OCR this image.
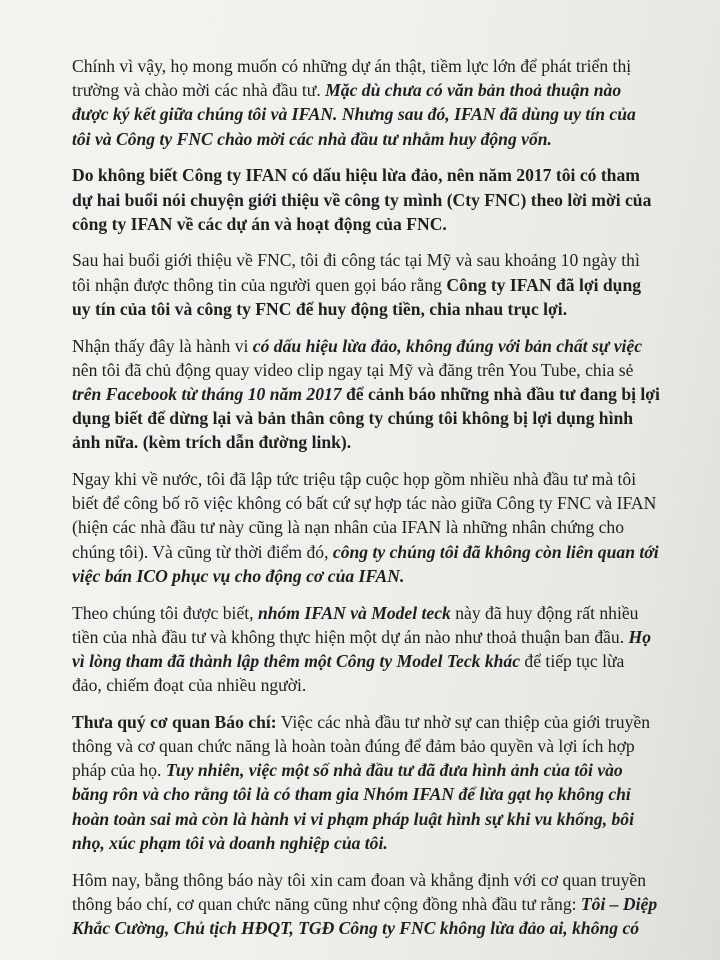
Chính vì vậy, họ mong muốn có những dự án thật, tiềm lực lớn để phát triển thị
trường và chào mời các nhà đầu tư. Mặc dù chưa có văn bản thoả thuận nào
được ký kết giữa chúng tôi và IFAN. Nhưng sau đó, IFAN đã dùng uy tín của
tôi và Công ty FNC chào mời các nhà đầu tư nhằm huy động vốn.

Do không biết Công ty IFAN có dấu hiệu lừa đảo, nên năm 2017 tôi có tham
dự hai buổi nói chuyện giới thiệu về công ty mình (Cty FNC) theo lời mời của
công ty IFAN về các dự án và hoạt động của FNC.

Sau hai buổi giới thiệu về FNC, tôi đi công tác tại Mỹ và sau khoảng 10 ngày thì
tôi nhận được thông tin của người quen gọi báo rằng Công ty IFAN đã lợi dụng
uy tín của tôi và công ty FNC để huy động tiền, chia nhau trục lợi.

Nhận thấy đây là hành vi có dấu hiệu lừa đảo, không đúng với bản chất sự việc
nên tôi đã chủ động quay video clip ngay tại Mỹ và đăng trên You Tube, chia sẻ
trên Facebook từ tháng 10 năm 2017 để cảnh báo những nhà đầu tư đang bị lợi
dụng biết để dừng lại và bản thân công ty chúng tôi không bị lợi dụng hình
ảnh nữa. (kèm trích dẫn đường link).

Ngay khi về nước, tôi đã lập tức triệu tập cuộc họp gồm nhiều nhà đầu tư mà tôi
biết để công bố rõ việc không có bất cứ sự hợp tác nào giữa Công ty FNC và IFAN
(hiện các nhà đầu tư này cũng là nạn nhân của IFAN là những nhân chứng cho
chúng tôi). Và cũng từ thời điểm đó, công ty chúng tôi đã không còn liên quan tới
việc bán ICO phục vụ cho động cơ của IFAN.

Theo chúng tôi được biết, nhóm IFAN và Model teck này đã huy động rất nhiều
tiền của nhà đầu tư và không thực hiện một dự án nào như thoả thuận ban đầu. Họ
vì lòng tham đã thành lập thêm một Công ty Model Teck khác để tiếp tục lừa
đảo, chiếm đoạt của nhiều người.

Thưa quý cơ quan Báo chí: Việc các nhà đầu tư nhờ sự can thiệp của giới truyền
thông và cơ quan chức năng là hoàn toàn đúng để đảm bảo quyền và lợi ích hợp
pháp của họ. Tuy nhiên, việc một số nhà đầu tư đã đưa hình ảnh của tôi vào
băng rôn và cho rằng tôi là có tham gia Nhóm IFAN để lừa gạt họ không chỉ
hoàn toàn sai mà còn là hành vi vi phạm pháp luật hình sự khi vu khống, bôi
nhọ, xúc phạm tôi và doanh nghiệp của tôi.

Hôm nay, bằng thông báo này tôi xin cam đoan và khẳng định với cơ quan truyền
thông báo chí, cơ quan chức năng cũng như cộng đồng nhà đầu tư rằng: Tôi – Diệp
Khắc Cường, Chủ tịch HĐQT, TGĐ Công ty FNC không lừa đảo ai, không có
